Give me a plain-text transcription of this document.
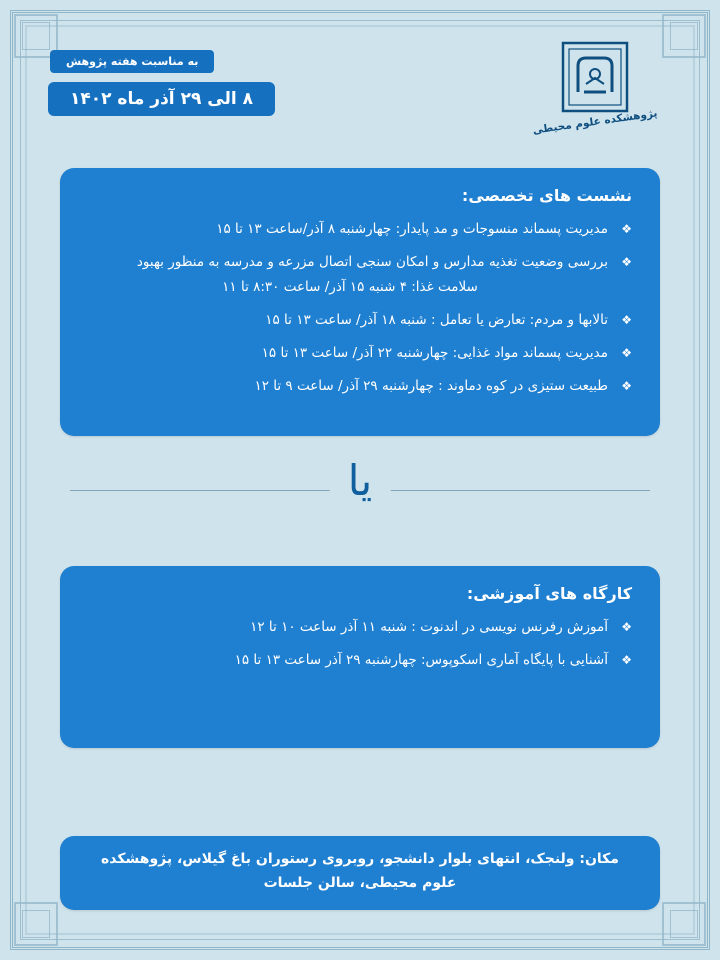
به مناسبت هفته پژوهش
۸ الی ۲۹ آذر ماه ۱۴۰۲
پژوهشکده علوم محیطی
نشست های تخصصی:
❖
مدیریت پسماند منسوجات و مد پایدار: چهارشنبه ۸ آذر/ساعت ۱۳ تا ۱۵
❖
بررسی وضعیت تغذیه مدارس و امکان سنجی اتصال مزرعه و مدرسه به منظور بهبود
سلامت غذا: ۴ شنبه ۱۵ آذر/ ساعت ۸:۳۰ تا ۱۱
❖
تالابها و مردم: تعارض یا تعامل : شنبه ۱۸ آذر/ ساعت ۱۳ تا ۱۵
❖
مدیریت پسماند مواد غذایی: چهارشنبه ۲۲ آذر/ ساعت ۱۳ تا ۱۵
❖
طبیعت ستیزی در کوه دماوند : چهارشنبه ۲۹ آذر/ ساعت ۹ تا ۱۲
یا
کارگاه های آموزشی:
❖
آموزش رفرنس نویسی در اندنوت : شنبه ۱۱ آذر ساعت ۱۰ تا ۱۲
❖
آشنایی با پایگاه آماری اسکوپوس: چهارشنبه ۲۹ آذر ساعت ۱۳ تا ۱۵
مکان: ولنجک، انتهای بلوار دانشجو، روبروی رستوران باغ گیلاس، پژوهشکده علوم محیطی، سالن جلسات
